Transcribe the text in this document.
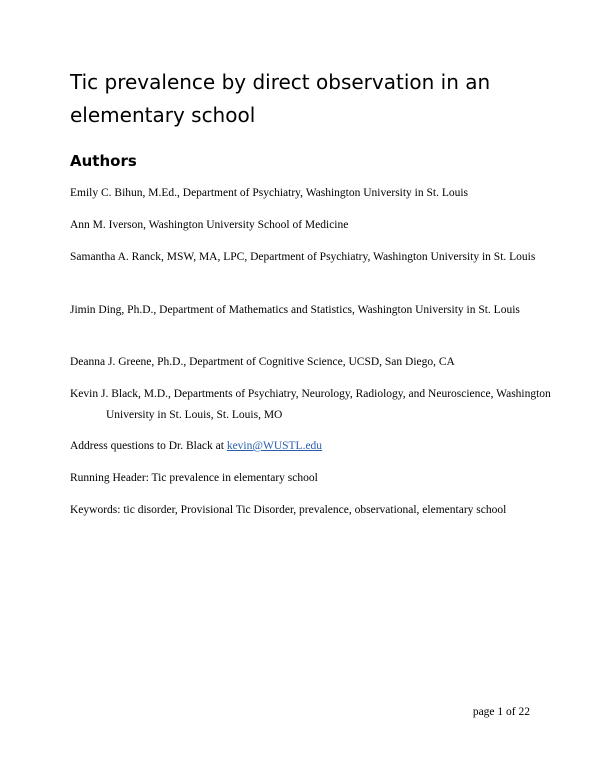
Tic prevalence by direct observation in an elementary school
Authors

Emily C. Bihun, M.Ed., Department of Psychiatry, Washington University in St. Louis

Ann M. Iverson, Washington University School of Medicine

Samantha A. Ranck, MSW, MA, LPC, Department of Psychiatry, Washington University in St. Louis

Jimin Ding, Ph.D., Department of Mathematics and Statistics, Washington University in St. Louis

Deanna J. Greene, Ph.D., Department of Cognitive Science, UCSD, San Diego, CA

Kevin J. Black, M.D., Departments of Psychiatry, Neurology, Radiology, and Neuroscience, Washington University in St. Louis, St. Louis, MO

Address questions to Dr. Black at kevin@WUSTL.edu

Running Header: Tic prevalence in elementary school

Keywords: tic disorder, Provisional Tic Disorder, prevalence, observational, elementary school

page 1 of 22
